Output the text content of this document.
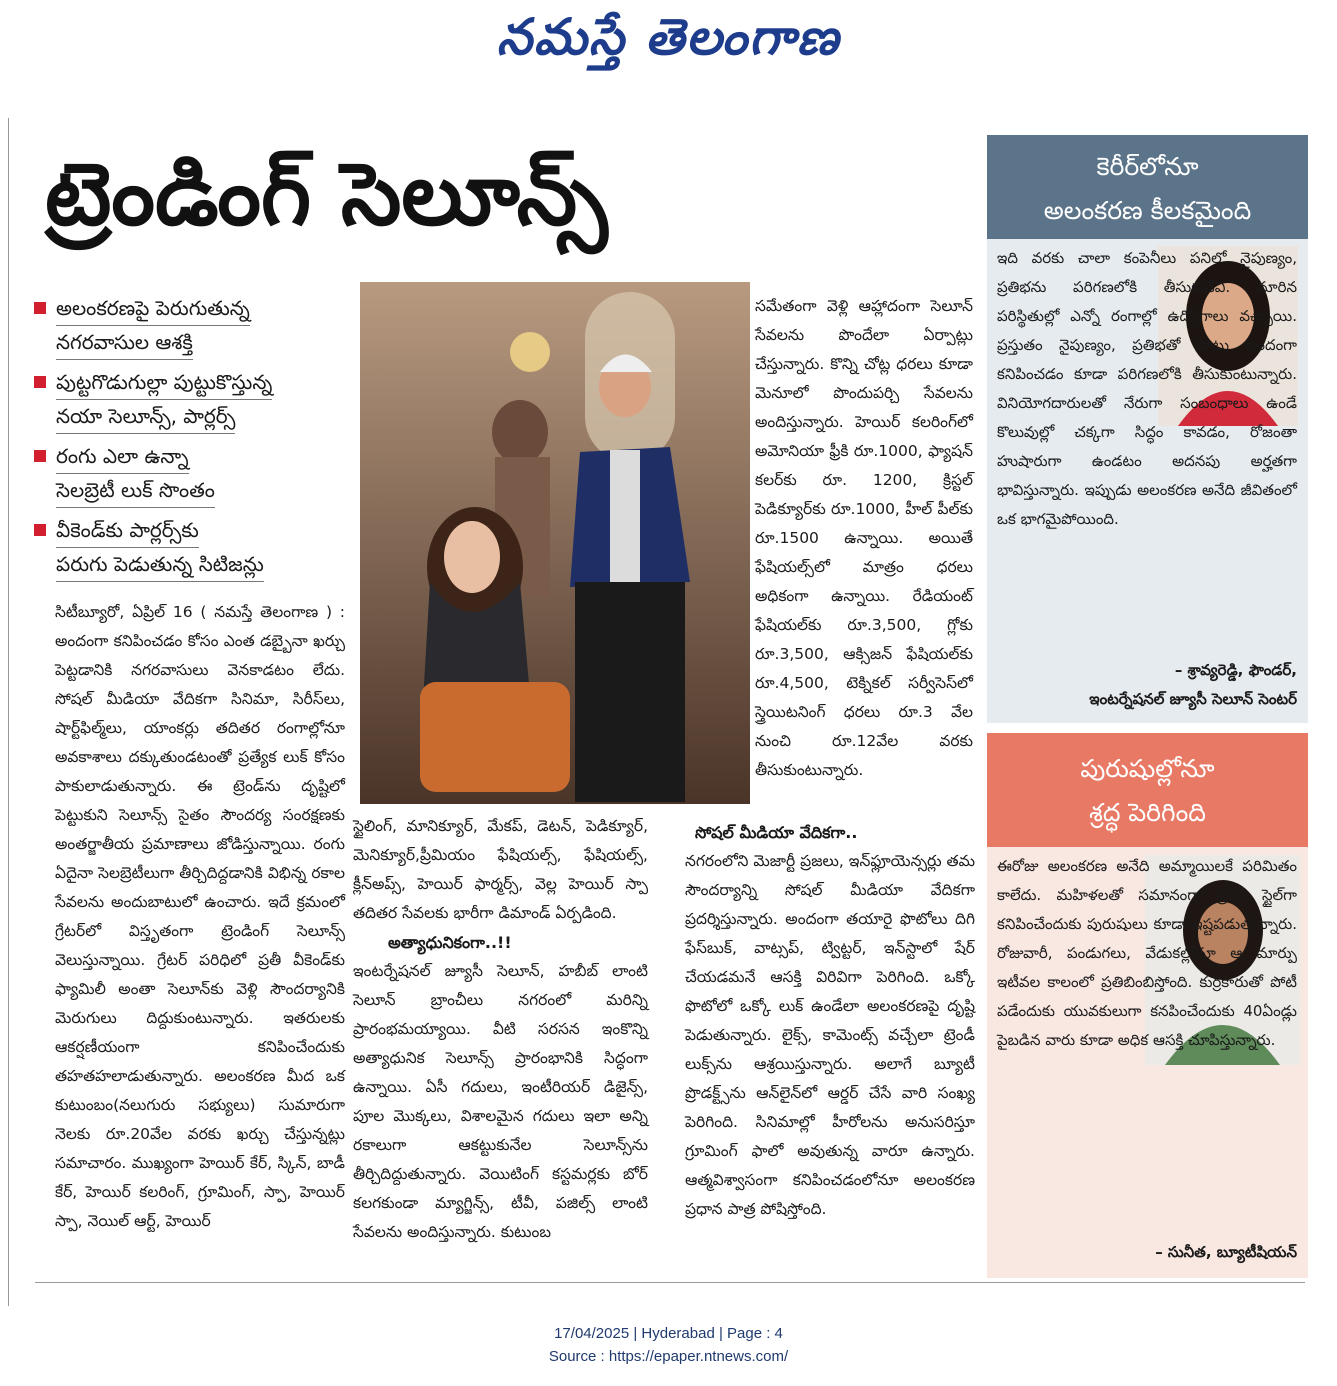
నమస్తే తెలంగాణ
ట్రెండింగ్ సెలూన్స్
అలంకరణపై పెరుగుతున్న
నగరవాసుల ఆశక్తి
పుట్టగొడుగుల్లా పుట్టుకొస్తున్న
నయా సెలూన్స్, పార్లర్స్
రంగు ఎలా ఉన్నా
సెలబ్రెటీ లుక్ సొంతం
వీకెండ్‌కు పార్లర్స్‌కు
పరుగు పెడుతున్న సిటిజన్లు
సిటీబ్యూరో, ఏప్రిల్ 16 ( నమస్తే తెలంగాణ ) : అందంగా కనిపించడం కోసం ఎంత డబ్బైనా ఖర్చు పెట్టడానికి నగరవాసులు వెనకాడటం లేదు. సోషల్ మీడియా వేదికగా సినిమా, సిరీస్‌లు, షార్ట్‌ఫిల్మ్‌లు, యాంకర్లు తదితర రంగాల్లోనూ అవకాశాలు దక్కుతుండటంతో ప్రత్యేక లుక్ కోసం పాకులాడుతున్నారు. ఈ ట్రెండ్‌ను దృష్టిలో పెట్టుకుని సెలూన్స్ సైతం సౌందర్య సంరక్షణకు అంతర్జాతీయ ప్రమాణాలు జోడిస్తున్నాయి. రంగు ఏదైనా సెలబ్రెటీలుగా తీర్చిదిద్దడానికి విభిన్న రకాల సేవలను అందుబాటులో ఉంచారు. ఇదే క్రమంలో గ్రేటర్‌లో విస్తృతంగా ట్రెండింగ్ సెలూన్స్ వెలుస్తున్నాయి. గ్రేటర్ పరిధిలో ప్రతీ వీకెండ్‌కు ఫ్యామిలీ అంతా సెలూన్‌కు వెళ్లి సౌందర్యానికి మెరుగులు దిద్దుకుంటున్నారు. ఇతరులకు ఆకర్షణీయంగా కనిపించేందుకు తహతహలాడుతున్నారు. అలంకరణ మీద ఒక కుటుంబం(నలుగురు సభ్యులు) సుమారుగా నెలకు రూ.20వేల వరకు ఖర్చు చేస్తున్నట్లు సమాచారం. ముఖ్యంగా హెయిర్ కేర్, స్కిన్, బాడీ కేర్, హెయిర్ కలరింగ్, గ్రూమింగ్, స్పా, హెయిర్ స్పా, నెయిల్ ఆర్ట్, హెయిర్
స్టైలింగ్, మానిక్యూర్, మేకప్, డెటన్, పెడిక్యూర్, మెనిక్యూర్,ప్రీమియం ఫేషియల్స్, ఫేషియల్స్, క్లీన్అప్స్, హెయిర్ ఫార్మర్స్, వెల్ల హెయిర్ స్పా తదితర సేవలకు భారీగా డిమాండ్ ఏర్పడింది.
అత్యాధునికంగా..!!
ఇంటర్నేషనల్ జ్యూసీ సెలూన్, హబీబ్ లాంటి సెలూన్ బ్రాంచీలు నగరంలో మరిన్ని ప్రారంభమయ్యాయి. వీటి సరసన ఇంకొన్ని అత్యాధునిక సెలూన్స్ ప్రారంభానికి సిద్ధంగా ఉన్నాయి. ఏసీ గదులు, ఇంటీరియర్ డిజైన్స్, పూల మొక్కలు, విశాలమైన గదులు ఇలా అన్ని రకాలుగా ఆకట్టుకునేల సెలూన్స్‌ను తీర్చిదిద్దుతున్నారు. వెయిటింగ్ కస్టమర్లకు బోర్ కలగకుండా మ్యాగ్జిన్స్, టీవీ, పజిల్స్ లాంటి సేవలను అందిస్తున్నారు. కుటుంబ
సమేతంగా వెళ్లి ఆహ్లాదంగా సెలూన్ సేవలను పొందేలా ఏర్పాట్లు చేస్తున్నారు. కొన్ని చోట్ల ధరలు కూడా మెనూలో పొందుపర్చి సేవలను అందిస్తున్నారు. హెయిర్ కలరింగ్‌లో అమోనియా ఫ్రీకి రూ.1000, ఫ్యాషన్ కలర్‌కు రూ. 1200, క్రిస్టల్ పెడిక్యూర్‌కు రూ.1000, హీల్ పీల్‌కు రూ.1500 ఉన్నాయి. అయితే ఫేషియల్స్‌లో మాత్రం ధరలు అధికంగా ఉన్నాయి. రేడియంట్ ఫేషియల్‌కు రూ.3,500, గ్లోకు రూ.3,500, ఆక్సిజన్ ఫేషియల్‌కు రూ.4,500, టెక్నికల్ సర్వీసెస్‌లో స్త్రెయిటనింగ్ ధరలు రూ.3 వేల నుంచి రూ.12వేల వరకు తీసుకుంటున్నారు.
సోషల్ మీడియా వేదికగా..
నగరంలోని మెజార్టీ ప్రజలు, ఇన్‌ఫ్లూయెన్సర్లు తమ సౌందర్యాన్ని సోషల్ మీడియా వేదికగా ప్రదర్శిస్తున్నారు. అందంగా తయారై ఫొటోలు దిగి ఫేస్‌బుక్, వాట్సప్, ట్విట్టర్, ఇన్‌స్టాలో షేర్ చేయడమనే ఆసక్తి విరివిగా పెరిగింది. ఒక్కో ఫొటోలో ఒక్కో లుక్ ఉండేలా అలంకరణపై దృష్టి పెడుతున్నారు. లైక్స్, కామెంట్స్ వచ్చేలా ట్రెండీ లుక్స్‌ను ఆశ్రయిస్తున్నారు. అలాగే బ్యూటీ ప్రొడక్ట్స్‌ను ఆన్‌లైన్‌లో ఆర్డర్ చేసే వారి సంఖ్య పెరిగింది. సినిమాల్లో హీరోలను అనుసరిస్తూ గ్రూమింగ్ ఫాలో అవుతున్న వారూ ఉన్నారు. ఆత్మవిశ్వాసంగా కనిపించడంలోనూ అలంకరణ ప్రధాన పాత్ర పోషిస్తోంది.
కెరీర్‌లోనూ
అలంకరణ కీలకమైంది
ఇది వరకు చాలా కంపెనీలు పనిలో నైపుణ్యం, ప్రతిభను పరిగణలోకి తీసుకునేవి. మారిన పరిస్థితుల్లో ఎన్నో రంగాల్లో ఉద్యోగాలు వచ్చాయి. ప్రస్తుతం నైపుణ్యం, ప్రతిభతో పాటు అందంగా కనిపించడం కూడా పరిగణలోకి తీసుకుంటున్నారు. వినియోగదారులతో నేరుగా సంబంధాలు ఉండే కొలువుల్లో చక్కగా సిద్ధం కావడం, రోజంతా హుషారుగా ఉండటం అదనపు అర్హతగా భావిస్తున్నారు. ఇప్పుడు అలంకరణ అనేది జీవితంలో ఒక భాగమైపోయింది.
– శ్రావ్యరెడ్డి, ఫౌండర్,
ఇంటర్నేషనల్ జ్యూసీ సెలూన్ సెంటర్
పురుషుల్లోనూ
శ్రద్ధ పెరిగింది
ఈరోజు అలంకరణ అనేది అమ్మాయిలకే పరిమితం కాలేదు. మహిళలతో సమానంగా ట్రెండీ స్టైల్‌గా కనిపించేందుకు పురుషులు కూడా ఇష్టపడుతున్నారు. రోజువారీ, పండుగలు, వేడుకల్లోనూ ఆ మార్పు ఇటీవల కాలంలో ప్రతిబింబిస్తోంది. కుర్రకారుతో పోటీ పడేందుకు యువకులుగా కనపించేందుకు 40ఏండ్లు పైబడిన వారు కూడా అధిక ఆసక్తి చూపిస్తున్నారు.
– సునీత, బ్యూటీషియన్
17/04/2025 | Hyderabad | Page : 4
Source : https://epaper.ntnews.com/
